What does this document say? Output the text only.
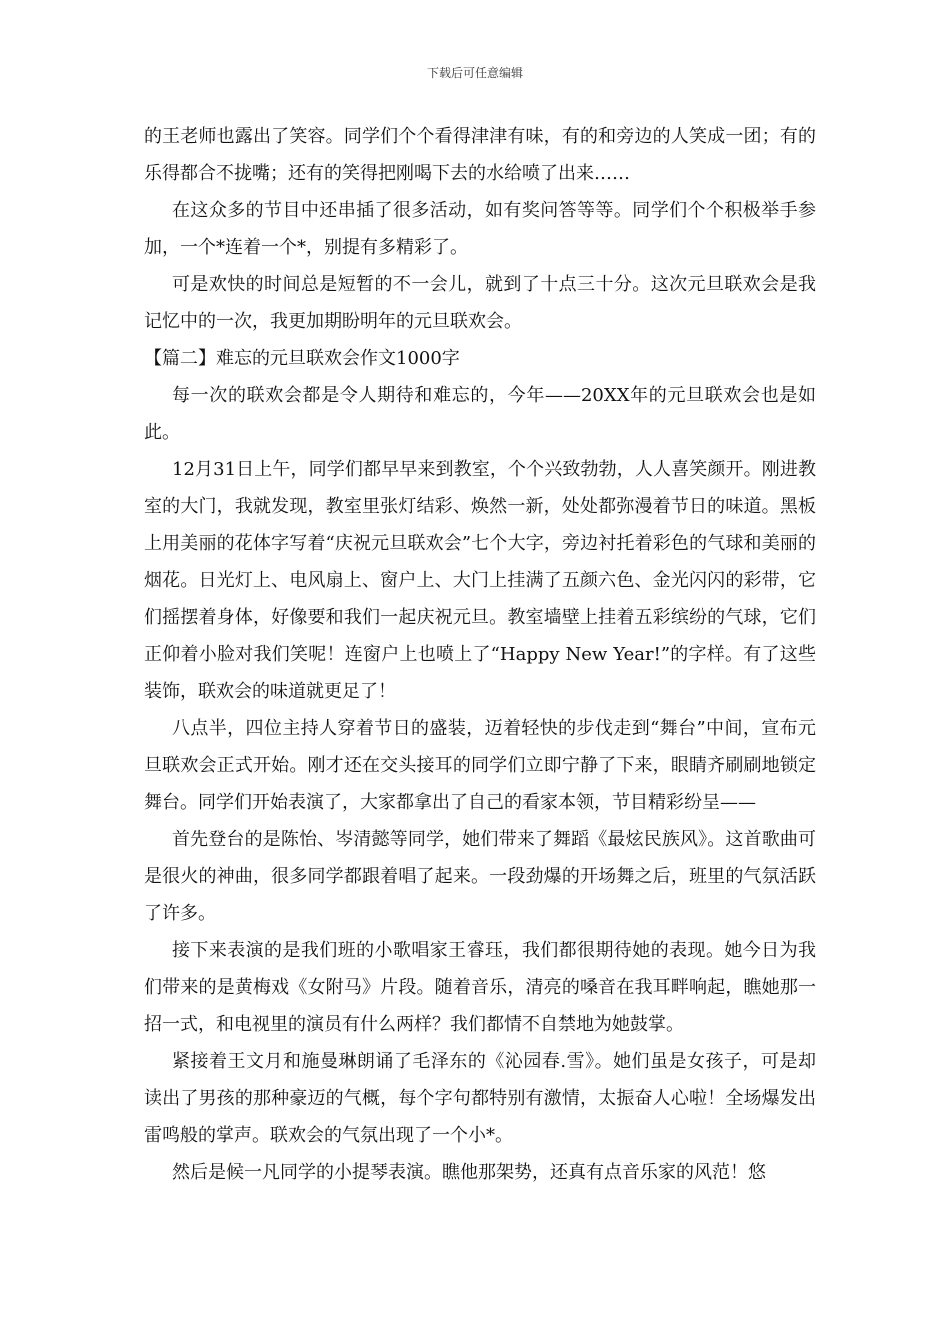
下载后可任意编辑

的王老师也露出了笑容。同学们个个看得津津有味，有的和旁边的人笑成一团；有的乐得都合不拢嘴；还有的笑得把刚喝下去的水给喷了出来……

在这众多的节目中还串插了很多活动，如有奖问答等等。同学们个个积极举手参加，一个*连着一个*，别提有多精彩了。

可是欢快的时间总是短暂的不一会儿，就到了十点三十分。这次元旦联欢会是我记忆中的一次，我更加期盼明年的元旦联欢会。

【篇二】难忘的元旦联欢会作文1000字

每一次的联欢会都是令人期待和难忘的，今年——20XX年的元旦联欢会也是如此。

12月31日上午，同学们都早早来到教室，个个兴致勃勃，人人喜笑颜开。刚进教室的大门，我就发现，教室里张灯结彩、焕然一新，处处都弥漫着节日的味道。黑板上用美丽的花体字写着“庆祝元旦联欢会”七个大字，旁边衬托着彩色的气球和美丽的烟花。日光灯上、电风扇上、窗户上、大门上挂满了五颜六色、金光闪闪的彩带，它们摇摆着身体，好像要和我们一起庆祝元旦。教室墙壁上挂着五彩缤纷的气球，它们正仰着小脸对我们笑呢！连窗户上也喷上了“Happy New Year!”的字样。有了这些装饰，联欢会的味道就更足了！

八点半，四位主持人穿着节日的盛装，迈着轻快的步伐走到“舞台”中间，宣布元旦联欢会正式开始。刚才还在交头接耳的同学们立即宁静了下来，眼睛齐刷刷地锁定舞台。同学们开始表演了，大家都拿出了自己的看家本领，节目精彩纷呈——

首先登台的是陈怡、岑清懿等同学，她们带来了舞蹈《最炫民族风》。这首歌曲可是很火的神曲，很多同学都跟着唱了起来。一段劲爆的开场舞之后，班里的气氛活跃了许多。

接下来表演的是我们班的小歌唱家王睿珏，我们都很期待她的表现。她今日为我们带来的是黄梅戏《女附马》片段。随着音乐，清亮的嗓音在我耳畔响起，瞧她那一招一式，和电视里的演员有什么两样？我们都情不自禁地为她鼓掌。

紧接着王文月和施曼琳朗诵了毛泽东的《沁园春.雪》。她们虽是女孩子，可是却读出了男孩的那种豪迈的气概，每个字句都特别有激情，太振奋人心啦！全场爆发出雷鸣般的掌声。联欢会的气氛出现了一个小*。

然后是候一凡同学的小提琴表演。瞧他那架势，还真有点音乐家的风范！悠
